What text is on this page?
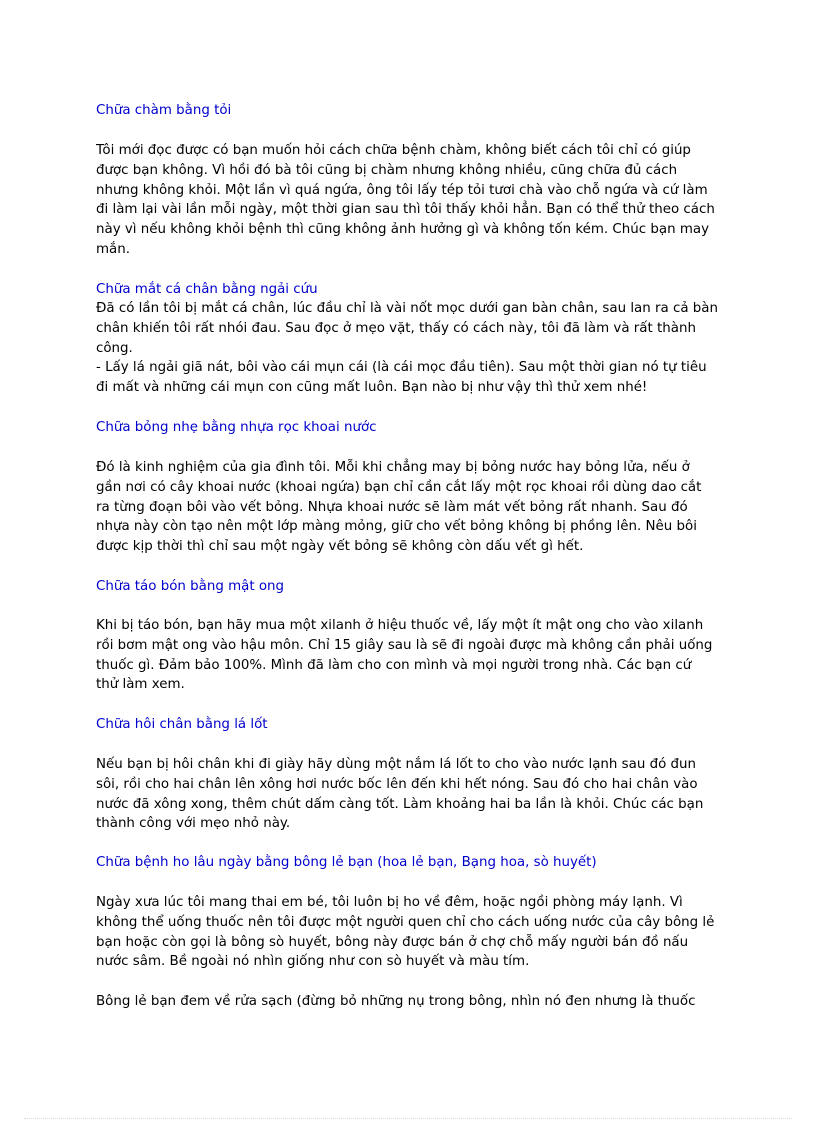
Chữa chàm bằng tỏi
Tôi mới đọc được có bạn muốn hỏi cách chữa bệnh chàm, không biết cách tôi chỉ có giúp
được bạn không. Vì hồi đó bà tôi cũng bị chàm nhưng không nhiều, cũng chữa đủ cách
nhưng không khỏi. Một lần vì quá ngứa, ông tôi lấy tép tỏi tươi chà vào chỗ ngứa và cứ làm
đi làm lại vài lần mỗi ngày, một thời gian sau thì tôi thấy khỏi hẳn. Bạn có thể thử theo cách
này vì nếu không khỏi bệnh thì cũng không ảnh hưởng gì và không tốn kém. Chúc bạn may
mắn.
Chữa mắt cá chân bằng ngải cứu
Đã có lần tôi bị mắt cá chân, lúc đầu chỉ là vài nốt mọc dưới gan bàn chân, sau lan ra cả bàn
chân khiến tôi rất nhói đau. Sau đọc ở mẹo vặt, thấy có cách này, tôi đã làm và rất thành
công.
- Lấy lá ngải giã nát, bôi vào cái mụn cái (là cái mọc đầu tiên). Sau một thời gian nó tự tiêu
đi mất và những cái mụn con cũng mất luôn. Bạn nào bị như vậy thì thử xem nhé!
Chữa bỏng nhẹ bằng nhựa rọc khoai nước
Đó là kinh nghiệm của gia đình tôi. Mỗi khi chẳng may bị bỏng nước hay bỏng lửa, nếu ở
gần nơi có cây khoai nước (khoai ngứa) bạn chỉ cần cắt lấy một rọc khoai rồi dùng dao cắt
ra từng đoạn bôi vào vết bỏng. Nhựa khoai nước sẽ làm mát vết bỏng rất nhanh. Sau đó
nhựa này còn tạo nên một lớp màng mỏng, giữ cho vết bỏng không bị phồng lên. Nêu bôi
được kịp thời thì chỉ sau một ngày vết bỏng sẽ không còn dấu vết gì hết.
Chữa táo bón bằng mật ong
Khi bị táo bón, bạn hãy mua một xilanh ở hiệu thuốc về, lấy một ít mật ong cho vào xilanh
rồi bơm mật ong vào hậu môn. Chỉ 15 giây sau là sẽ đi ngoài được mà không cần phải uống
thuốc gì. Đảm bảo 100%. Mình đã làm cho con mình và mọi người trong nhà. Các bạn cứ
thử làm xem.
Chữa hôi chân bằng lá lốt
Nếu bạn bị hôi chân khi đi giày hãy dùng một nắm lá lốt to cho vào nước lạnh sau đó đun
sôi, rồi cho hai chân lên xông hơi nước bốc lên đến khi hết nóng. Sau đó cho hai chân vào
nước đã xông xong, thêm chút dấm càng tốt. Làm khoảng hai ba lần là khỏi. Chúc các bạn
thành công với mẹo nhỏ này.
Chữa bệnh ho lâu ngày bằng bông lẻ bạn (hoa lẻ bạn, Bạng hoa, sò huyết)
Ngày xưa lúc tôi mang thai em bé, tôi luôn bị ho về đêm, hoặc ngồi phòng máy lạnh. Vì
không thể uống thuốc nên tôi được một người quen chỉ cho cách uống nước của cây bông lẻ
bạn hoặc còn gọi là bông sò huyết, bông này được bán ở chợ chỗ mấy người bán đồ nấu
nước sâm. Bề ngoài nó nhìn giống như con sò huyết và màu tím.
Bông lẻ bạn đem về rửa sạch (đừng bỏ những nụ trong bông, nhìn nó đen nhưng là thuốc
